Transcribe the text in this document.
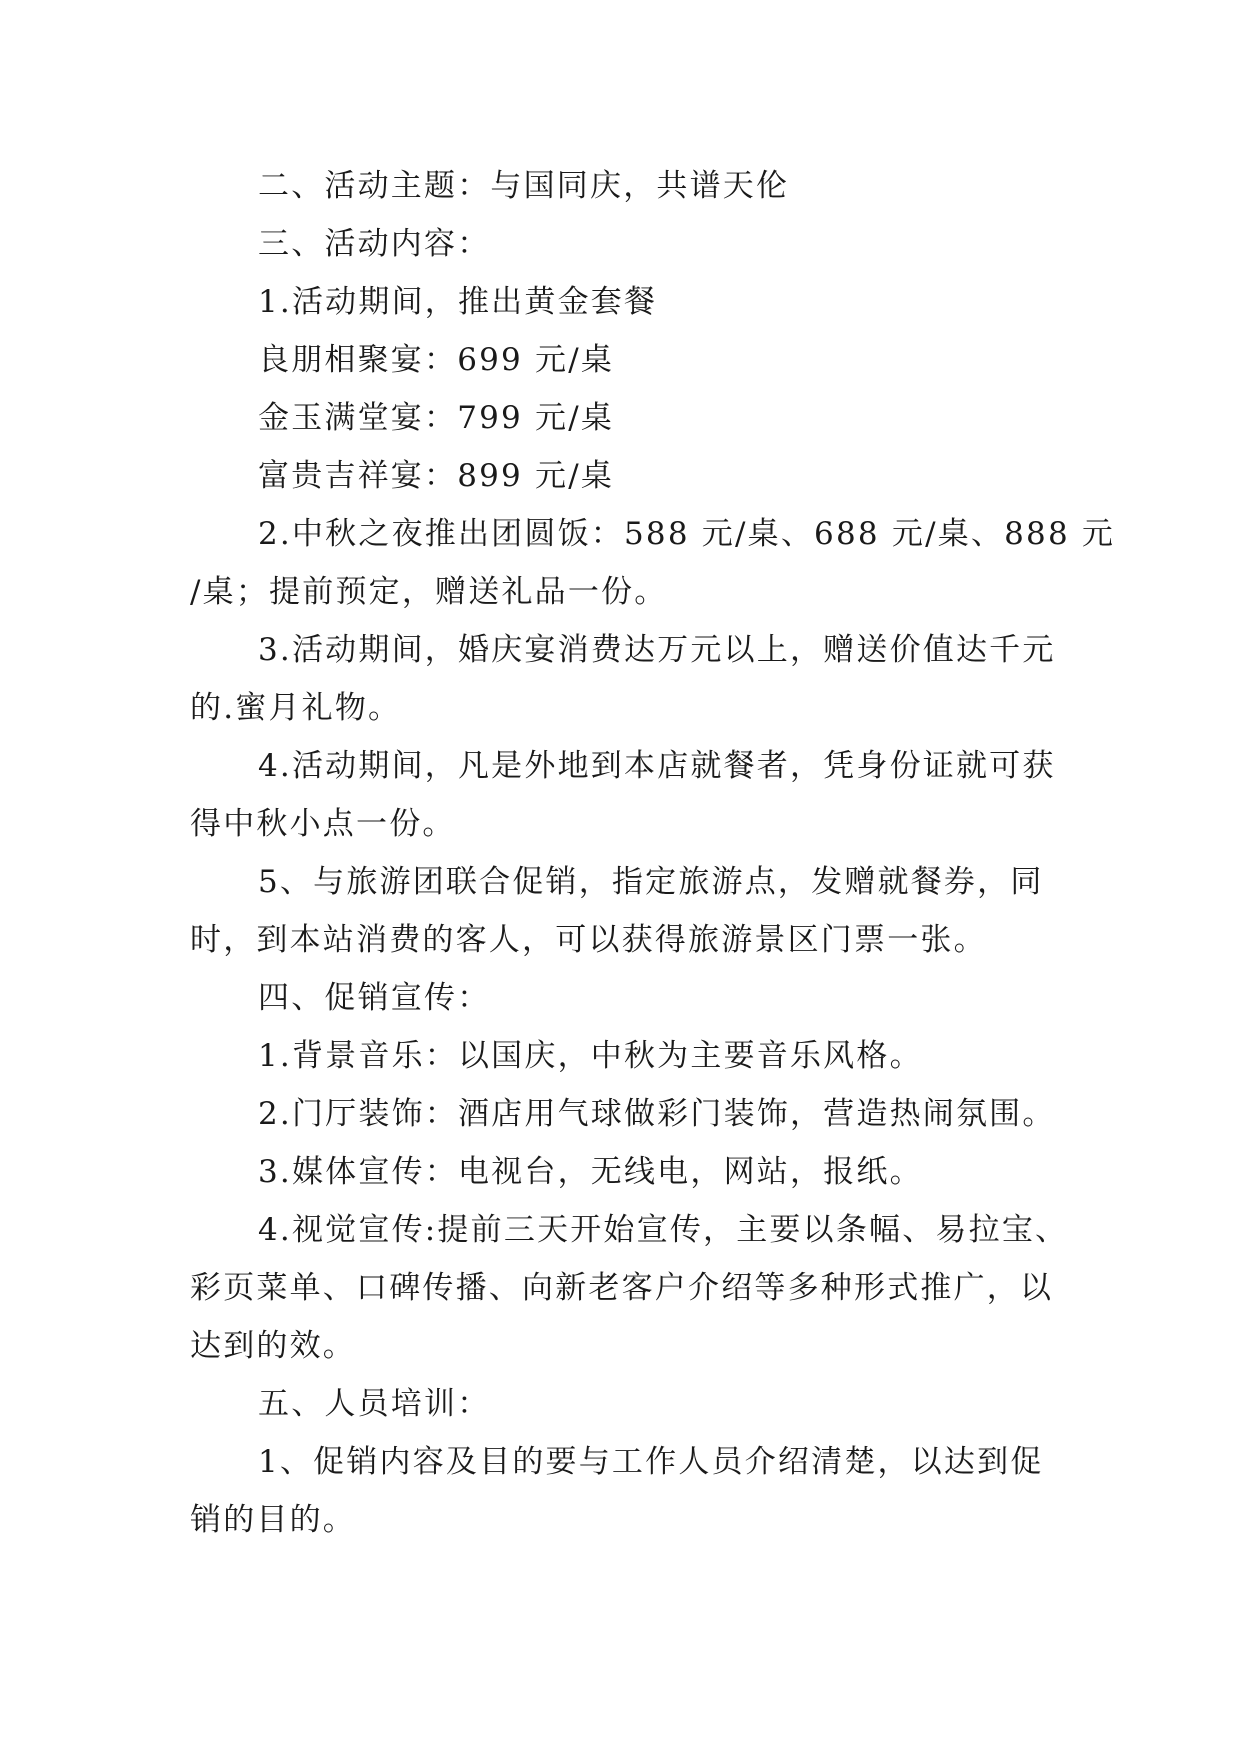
二、活动主题：与国同庆，共谱天伦
三、活动内容：
1.活动期间，推出黄金套餐
良朋相聚宴：699 元/桌
金玉满堂宴：799 元/桌
富贵吉祥宴：899 元/桌
2.中秋之夜推出团圆饭：588 元/桌、688 元/桌、888 元
/桌；提前预定，赠送礼品一份。
3.活动期间，婚庆宴消费达万元以上，赠送价值达千元
的.蜜月礼物。
4.活动期间，凡是外地到本店就餐者，凭身份证就可获
得中秋小点一份。
5、与旅游团联合促销，指定旅游点，发赠就餐券，同
时，到本站消费的客人，可以获得旅游景区门票一张。
四、促销宣传：
1.背景音乐：以国庆，中秋为主要音乐风格。
2.门厅装饰：酒店用气球做彩门装饰，营造热闹氛围。
3.媒体宣传：电视台，无线电，网站，报纸。
4.视觉宣传:提前三天开始宣传，主要以条幅、易拉宝、
彩页菜单、口碑传播、向新老客户介绍等多种形式推广，以
达到的效。
五、人员培训：
1、促销内容及目的要与工作人员介绍清楚，以达到促
销的目的。
